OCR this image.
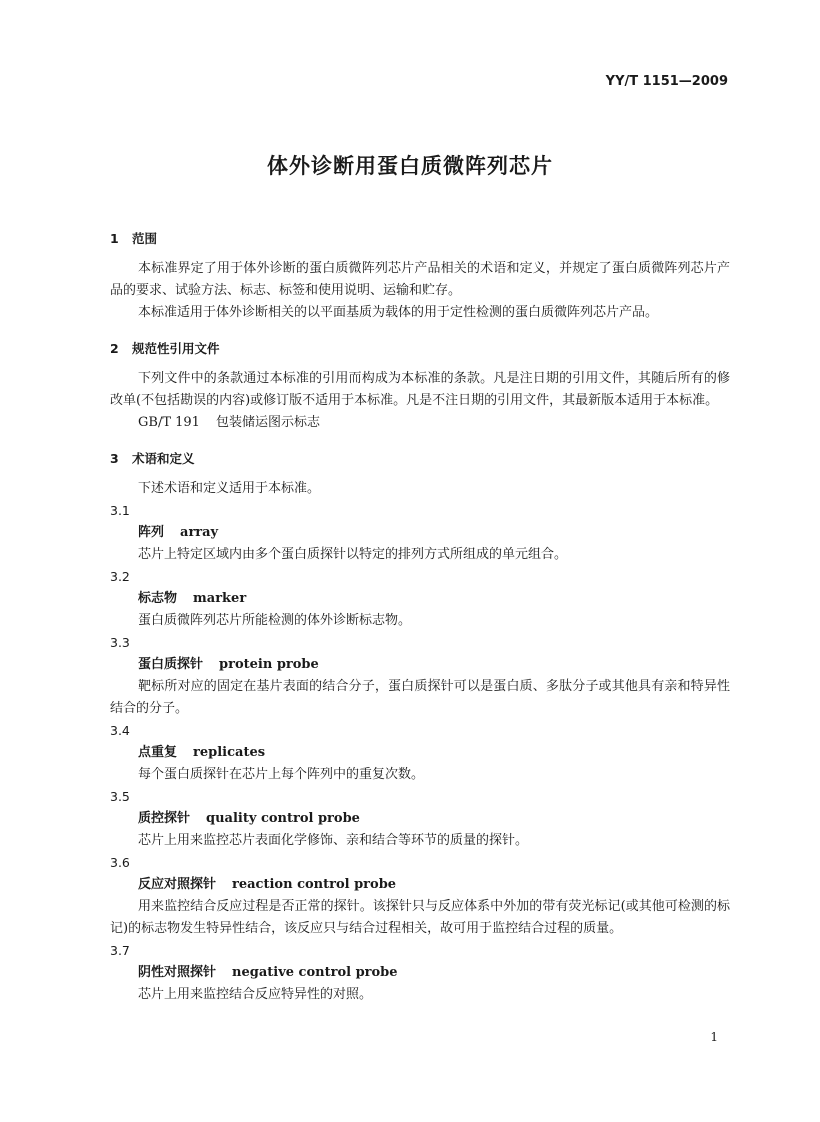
YY/T 1151—2009
体外诊断用蛋白质微阵列芯片
1 范围

本标准界定了用于体外诊断的蛋白质微阵列芯片产品相关的术语和定义，并规定了蛋白质微阵列芯片产品的要求、试验方法、标志、标签和使用说明、运输和贮存。

本标准适用于体外诊断相关的以平面基质为载体的用于定性检测的蛋白质微阵列芯片产品。

2 规范性引用文件

下列文件中的条款通过本标准的引用而构成为本标准的条款。凡是注日期的引用文件，其随后所有的修改单(不包括勘误的内容)或修订版不适用于本标准。凡是不注日期的引用文件，其最新版本适用于本标准。

GB/T 191 包装储运图示标志

3 术语和定义

下述术语和定义适用于本标准。

3.1

阵列 array

芯片上特定区域内由多个蛋白质探针以特定的排列方式所组成的单元组合。

3.2

标志物 marker

蛋白质微阵列芯片所能检测的体外诊断标志物。

3.3

蛋白质探针 protein probe

靶标所对应的固定在基片表面的结合分子，蛋白质探针可以是蛋白质、多肽分子或其他具有亲和特异性结合的分子。

3.4

点重复 replicates

每个蛋白质探针在芯片上每个阵列中的重复次数。

3.5

质控探针 quality control probe

芯片上用来监控芯片表面化学修饰、亲和结合等环节的质量的探针。

3.6

反应对照探针 reaction control probe

用来监控结合反应过程是否正常的探针。该探针只与反应体系中外加的带有荧光标记(或其他可检测的标记)的标志物发生特异性结合，该反应只与结合过程相关，故可用于监控结合过程的质量。

3.7

阴性对照探针 negative control probe

芯片上用来监控结合反应特异性的对照。

1
